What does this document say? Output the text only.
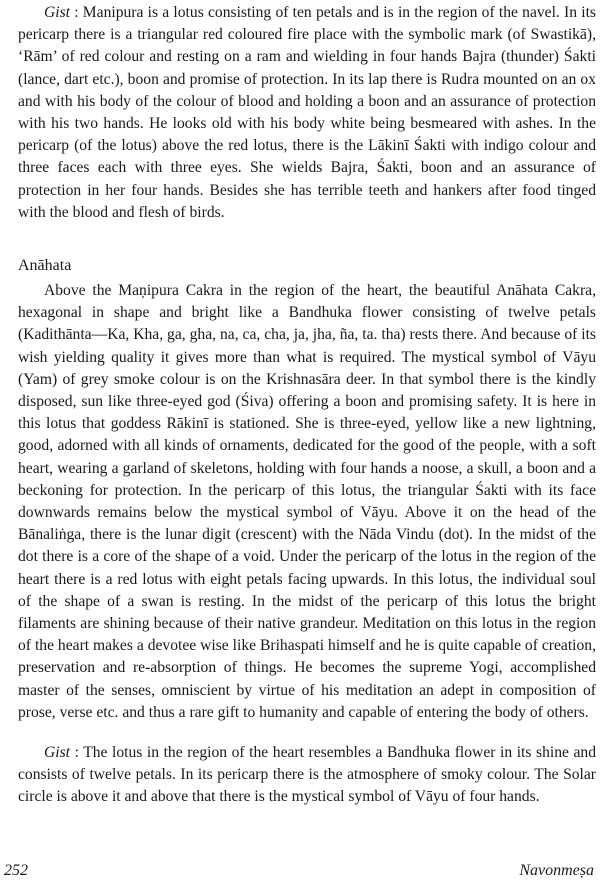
Gist : Manipura is a lotus consisting of ten petals and is in the region of the navel. In its pericarp there is a triangular red coloured fire place with the symbolic mark (of Swastikā), ‘Rām’ of red colour and resting on a ram and wielding in four hands Bajra (thunder) Śakti (lance, dart etc.), boon and promise of protection. In its lap there is Rudra mounted on an ox and with his body of the colour of blood and holding a boon and an assurance of protection with his two hands. He looks old with his body white being besmeared with ashes. In the pericarp (of the lotus) above the red lotus, there is the Lākinī Śakti with indigo colour and three faces each with three eyes. She wields Bajra, Śakti, boon and an assurance of protection in her four hands. Besides she has terrible teeth and hankers after food tinged with the blood and flesh of birds.

Anāhata

Above the Maṇipura Cakra in the region of the heart, the beautiful Anāhata Cakra, hexagonal in shape and bright like a Bandhuka flower consisting of twelve petals (Kadithānta—Ka, Kha, ga, gha, na, ca, cha, ja, jha, ña, ta. tha) rests there. And because of its wish yielding quality it gives more than what is required. The mystical symbol of Vāyu (Yam) of grey smoke colour is on the Krishnasāra deer. In that symbol there is the kindly disposed, sun like three-eyed god (Śiva) offering a boon and promising safety. It is here in this lotus that goddess Rākinī is stationed. She is three-eyed, yellow like a new lightning, good, adorned with all kinds of ornaments, dedicated for the good of the people, with a soft heart, wearing a garland of skeletons, holding with four hands a noose, a skull, a boon and a beckoning for protection. In the pericarp of this lotus, the triangular Śakti with its face downwards remains below the mystical symbol of Vāyu. Above it on the head of the Bānaliṅga, there is the lunar digit (crescent) with the Nāda Vindu (dot). In the midst of the dot there is a core of the shape of a void. Under the pericarp of the lotus in the region of the heart there is a red lotus with eight petals facing upwards. In this lotus, the individual soul of the shape of a swan is resting. In the midst of the pericarp of this lotus the bright filaments are shining because of their native grandeur. Meditation on this lotus in the region of the heart makes a devotee wise like Brihaspati himself and he is quite capable of creation, preservation and re-absorption of things. He becomes the supreme Yogi, accomplished master of the senses, omniscient by virtue of his meditation an adept in composition of prose, verse etc. and thus a rare gift to humanity and capable of entering the body of others.

Gist : The lotus in the region of the heart resembles a Bandhuka flower in its shine and consists of twelve petals. In its pericarp there is the atmosphere of smoky colour. The Solar circle is above it and above that there is the mystical symbol of Vāyu of four hands.

252	Navonmeṣa
